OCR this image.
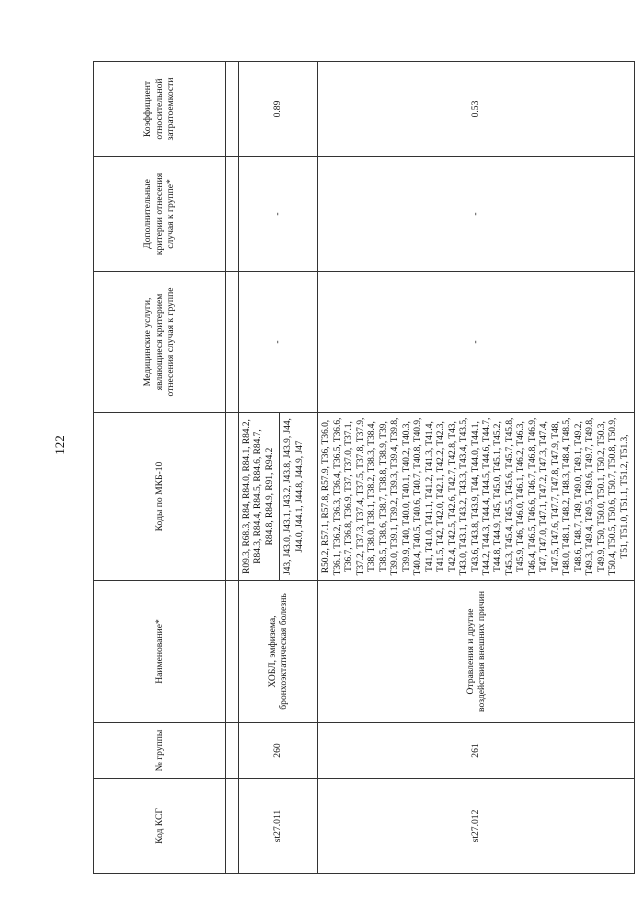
122
Код КСГ	№ группы	Наименование*	Коды по МКБ-10	Медицинские услуги, являющиеся критерием отнесения случая к группе	Дополнительные критерии отнесения случая к группе*	Коэффициент относительной затратоемкости

st27.011	260	ХОБЛ, эмфизема, бронхоэктатическая болезнь	R09.3, R68.3, R84, R84.0, R84.1, R84.2, R84.3, R84.4, R84.5, R84.6, R84.7, R84.8, R84.9, R91, R94.2	-	-	0.89
			J43, J43.0, J43.1, J43.2, J43.8, J43.9, J44, J44.0, J44.1, J44.8, J44.9, J47			
st27.012	261	Отравления и другие воздействия внешних причин	R50.2, R57.1, R57.8, R57.9, T36, T36.0, T36.1, T36.2, T36.3, T36.4, T36.5, T36.6, T36.7, T36.8, T36.9, T37, T37.0, T37.1, T37.2, T37.3, T37.4, T37.5, T37.8, T37.9, T38, T38.0, T38.1, T38.2, T38.3, T38.4, T38.5, T38.6, T38.7, T38.8, T38.9, T39, T39.0, T39.1, T39.2, T39.3, T39.4, T39.8, T39.9, T40, T40.0, T40.1, T40.2, T40.3, T40.4, T40.5, T40.6, T40.7, T40.8, T40.9, T41, T41.0, T41.1, T41.2, T41.3, T41.4, T41.5, T42, T42.0, T42.1, T42.2, T42.3, T42.4, T42.5, T42.6, T42.7, T42.8, T43, T43.0, T43.1, T43.2, T43.3, T43.4, T43.5, T43.6, T43.8, T43.9, T44, T44.0, T44.1, T44.2, T44.3, T44.4, T44.5, T44.6, T44.7, T44.8, T44.9, T45, T45.0, T45.1, T45.2, T45.3, T45.4, T45.5, T45.6, T45.7, T45.8, T45.9, T46, T46.0, T46.1, T46.2, T46.3, T46.4, T46.5, T46.6, T46.7, T46.8, T46.9, T47, T47.0, T47.1, T47.2, T47.3, T47.4, T47.5, T47.6, T47.7, T47.8, T47.9, T48, T48.0, T48.1, T48.2, T48.3, T48.4, T48.5, T48.6, T48.7, T49, T49.0, T49.1, T49.2, T49.3, T49.4, T49.5, T49.6, T49.7, T49.8, T49.9, T50, T50.0, T50.1, T50.2, T50.3, T50.4, T50.5, T50.6, T50.7, T50.8, T50.9, T51, T51.0, T51.1, T51.2, T51.3,	-	-	0.53
